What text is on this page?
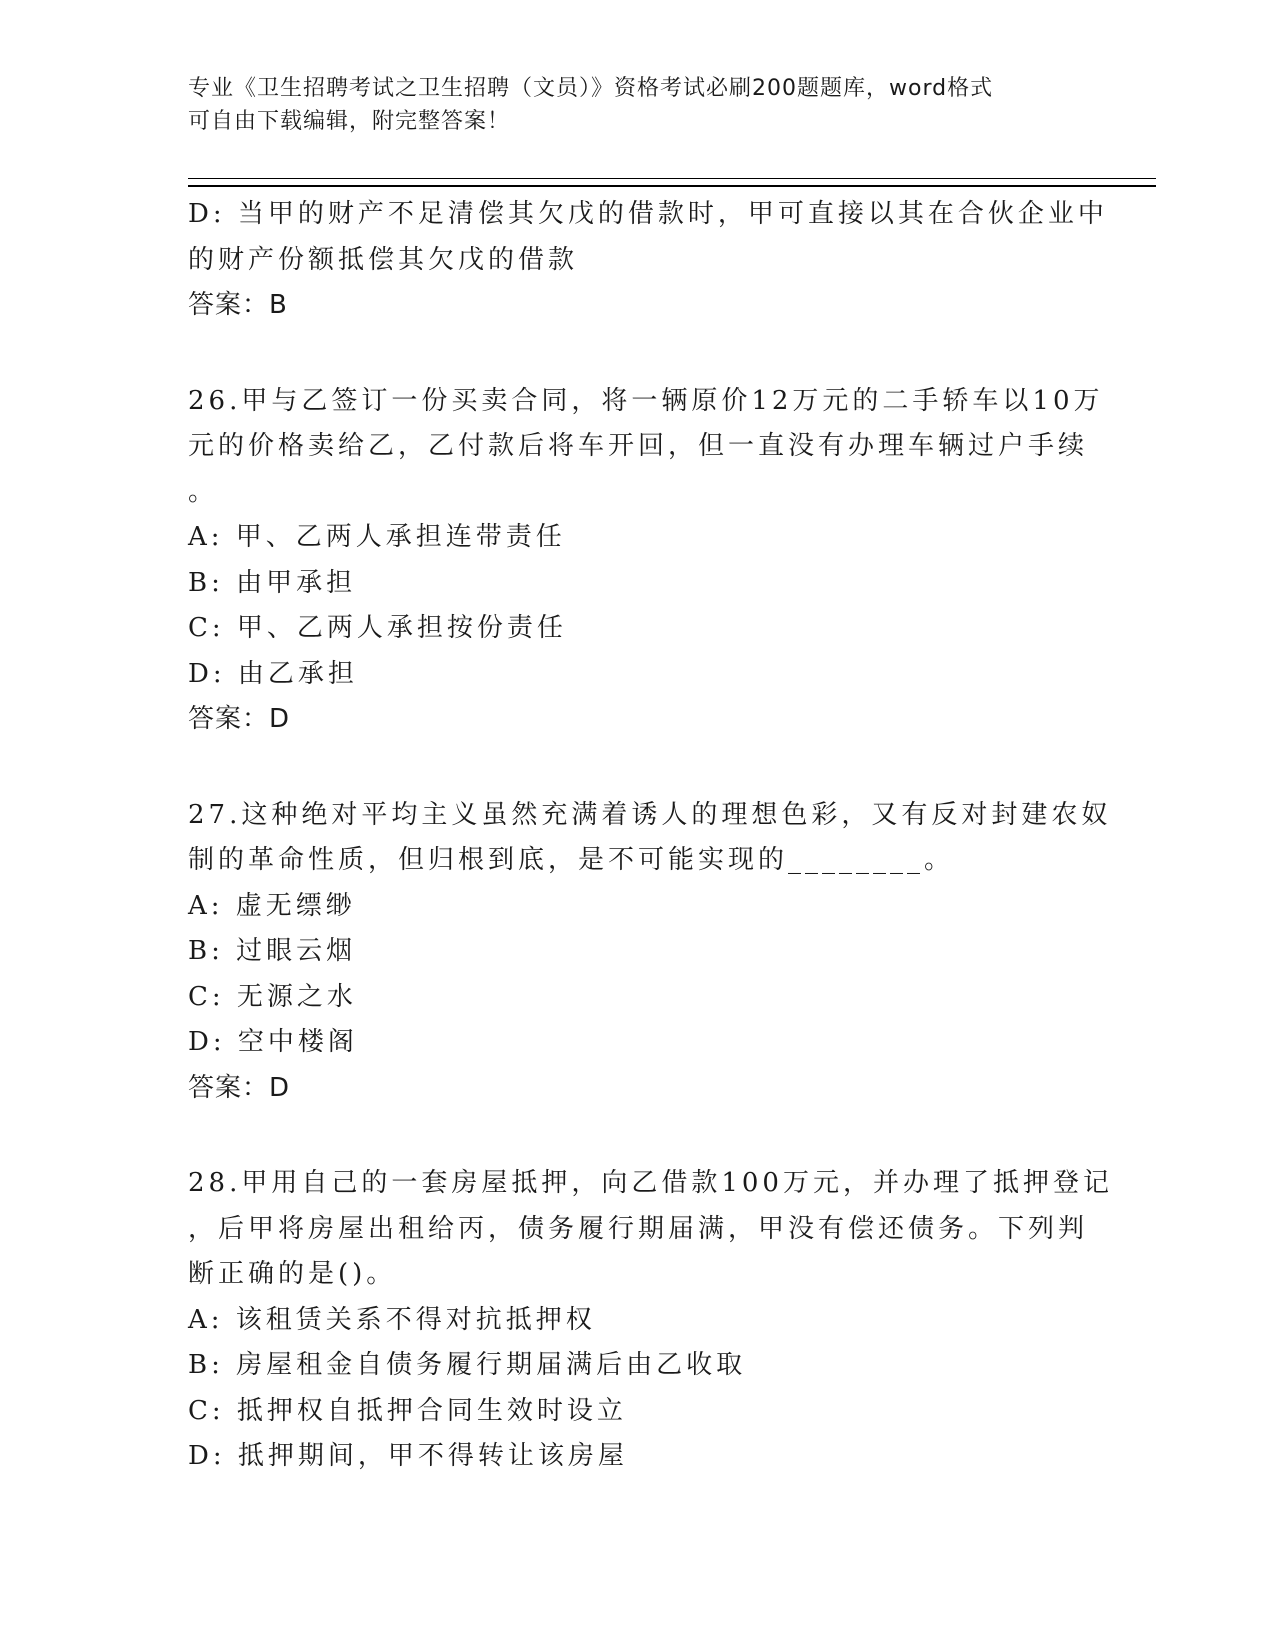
专业《卫生招聘考试之卫生招聘（文员）》资格考试必刷200题题库，word格式
可自由下载编辑，附完整答案！
D: 当甲的财产不足清偿其欠戊的借款时，甲可直接以其在合伙企业中
的财产份额抵偿其欠戊的借款
答案：B
26.甲与乙签订一份买卖合同，将一辆原价12万元的二手轿车以10万
元的价格卖给乙，乙付款后将车开回，但一直没有办理车辆过户手续
。
A: 甲、乙两人承担连带责任
B: 由甲承担
C: 甲、乙两人承担按份责任
D: 由乙承担
答案：D
27.这种绝对平均主义虽然充满着诱人的理想色彩，又有反对封建农奴
制的革命性质，但归根到底，是不可能实现的________。
A: 虚无缥缈
B: 过眼云烟
C: 无源之水
D: 空中楼阁
答案：D
28.甲用自己的一套房屋抵押，向乙借款100万元，并办理了抵押登记
，后甲将房屋出租给丙，债务履行期届满，甲没有偿还债务。下列判
断正确的是()。
A: 该租赁关系不得对抗抵押权
B: 房屋租金自债务履行期届满后由乙收取
C: 抵押权自抵押合同生效时设立
D: 抵押期间，甲不得转让该房屋
